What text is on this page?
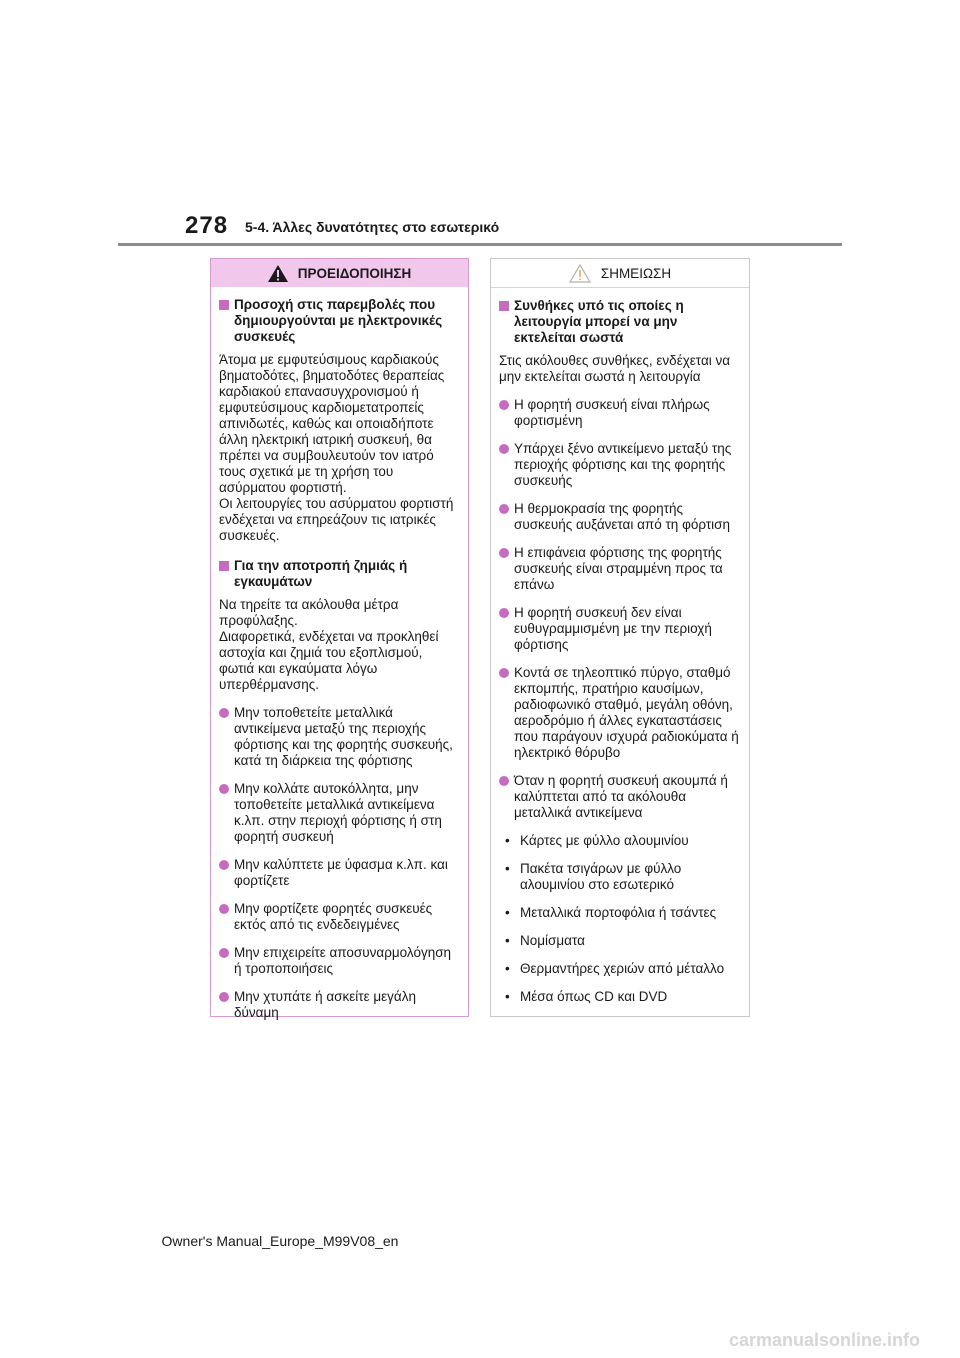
278 5-4. Άλλες δυνατότητες στο εσωτερικό
ΠΡΟΕΙΔΟΠΟΙΗΣΗ
Προσοχή στις παρεμβολές που δημιουργούνται με ηλεκτρονικές συσκευές
Άτομα με εμφυτεύσιμους καρδιακούς βηματοδότες, βηματοδότες θεραπείας καρδιακού επανασυγχρονισμού ή εμφυτεύσιμους καρδιομετατροπείς απινιδωτές, καθώς και οποιαδήποτε άλλη ηλεκτρική ιατρική συσκευή, θα πρέπει να συμβουλευτούν τον ιατρό τους σχετικά με τη χρήση του ασύρματου φορτιστή.
Οι λειτουργίες του ασύρματου φορτιστή ενδέχεται να επηρεάζουν τις ιατρικές συσκευές.
Για την αποτροπή ζημιάς ή εγκαυμάτων
Να τηρείτε τα ακόλουθα μέτρα προφύλαξης.
Διαφορετικά, ενδέχεται να προκληθεί αστοχία και ζημιά του εξοπλισμού, φωτιά και εγκαύματα λόγω υπερθέρμανσης.
Μην τοποθετείτε μεταλλικά αντικείμενα μεταξύ της περιοχής φόρτισης και της φορητής συσκευής, κατά τη διάρκεια της φόρτισης
Μην κολλάτε αυτοκόλλητα, μην τοποθετείτε μεταλλικά αντικείμενα κ.λπ. στην περιοχή φόρτισης ή στη φορητή συσκευή
Μην καλύπτετε με ύφασμα κ.λπ. και φορτίζετε
Μην φορτίζετε φορητές συσκευές εκτός από τις ενδεδειγμένες
Μην επιχειρείτε αποσυναρμολόγηση ή τροποποιήσεις
Μην χτυπάτε ή ασκείτε μεγάλη δύναμη
ΣΗΜΕΙΩΣΗ
Συνθήκες υπό τις οποίες η λειτουργία μπορεί να μην εκτελείται σωστά
Στις ακόλουθες συνθήκες, ενδέχεται να μην εκτελείται σωστά η λειτουργία
Η φορητή συσκευή είναι πλήρως φορτισμένη
Υπάρχει ξένο αντικείμενο μεταξύ της περιοχής φόρτισης και της φορητής συσκευής
Η θερμοκρασία της φορητής συσκευής αυξάνεται από τη φόρτιση
Η επιφάνεια φόρτισης της φορητής συσκευής είναι στραμμένη προς τα επάνω
Η φορητή συσκευή δεν είναι ευθυγραμμισμένη με την περιοχή φόρτισης
Κοντά σε τηλεοπτικό πύργο, σταθμό εκπομπής, πρατήριο καυσίμων, ραδιοφωνικό σταθμό, μεγάλη οθόνη, αεροδρόμιο ή άλλες εγκαταστάσεις που παράγουν ισχυρά ραδιοκύματα ή ηλεκτρικό θόρυβο
Όταν η φορητή συσκευή ακουμπά ή καλύπτεται από τα ακόλουθα μεταλλικά αντικείμενα
• Κάρτες με φύλλο αλουμινίου
• Πακέτα τσιγάρων με φύλλο αλουμινίου στο εσωτερικό
• Μεταλλικά πορτοφόλια ή τσάντες
• Νομίσματα
• Θερμαντήρες χεριών από μέταλλο
• Μέσα όπως CD και DVD
Owner's Manual_Europe_M99V08_en
carmanualsonline.info
